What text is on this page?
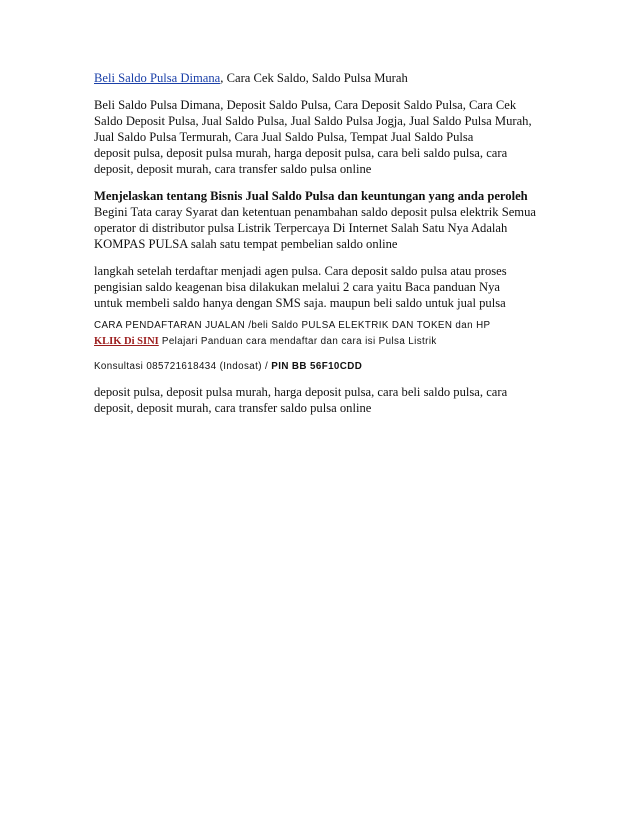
Beli Saldo Pulsa Dimana, Cara Cek Saldo, Saldo Pulsa Murah
Beli Saldo Pulsa Dimana, Deposit Saldo Pulsa, Cara Deposit Saldo Pulsa, Cara Cek
Saldo Deposit Pulsa, Jual Saldo Pulsa, Jual Saldo Pulsa Jogja, Jual Saldo Pulsa Murah,
Jual Saldo Pulsa Termurah, Cara Jual Saldo Pulsa, Tempat Jual Saldo Pulsa
deposit pulsa, deposit pulsa murah, harga deposit pulsa, cara beli saldo pulsa, cara
deposit, deposit murah, cara transfer saldo pulsa online
Menjelaskan tentang Bisnis Jual Saldo Pulsa dan keuntungan yang anda peroleh
Begini Tata caray Syarat dan ketentuan penambahan saldo deposit pulsa elektrik Semua
operator di distributor pulsa Listrik Terpercaya Di Internet Salah Satu Nya Adalah
KOMPAS PULSA salah satu tempat pembelian saldo online
langkah setelah terdaftar menjadi agen pulsa. Cara deposit saldo pulsa atau proses
pengisian saldo keagenan bisa dilakukan melalui 2 cara yaitu Baca panduan Nya
untuk membeli saldo hanya dengan SMS saja. maupun beli saldo untuk jual pulsa
CARA PENDAFTARAN JUALAN /beli Saldo PULSA ELEKTRIK DAN TOKEN dan HP
KLIK Di SINI Pelajari Panduan cara mendaftar dan cara isi Pulsa Listrik
Konsultasi 085721618434 (Indosat) / PIN BB 56F10CDD
deposit pulsa, deposit pulsa murah, harga deposit pulsa, cara beli saldo pulsa, cara
deposit, deposit murah, cara transfer saldo pulsa online
